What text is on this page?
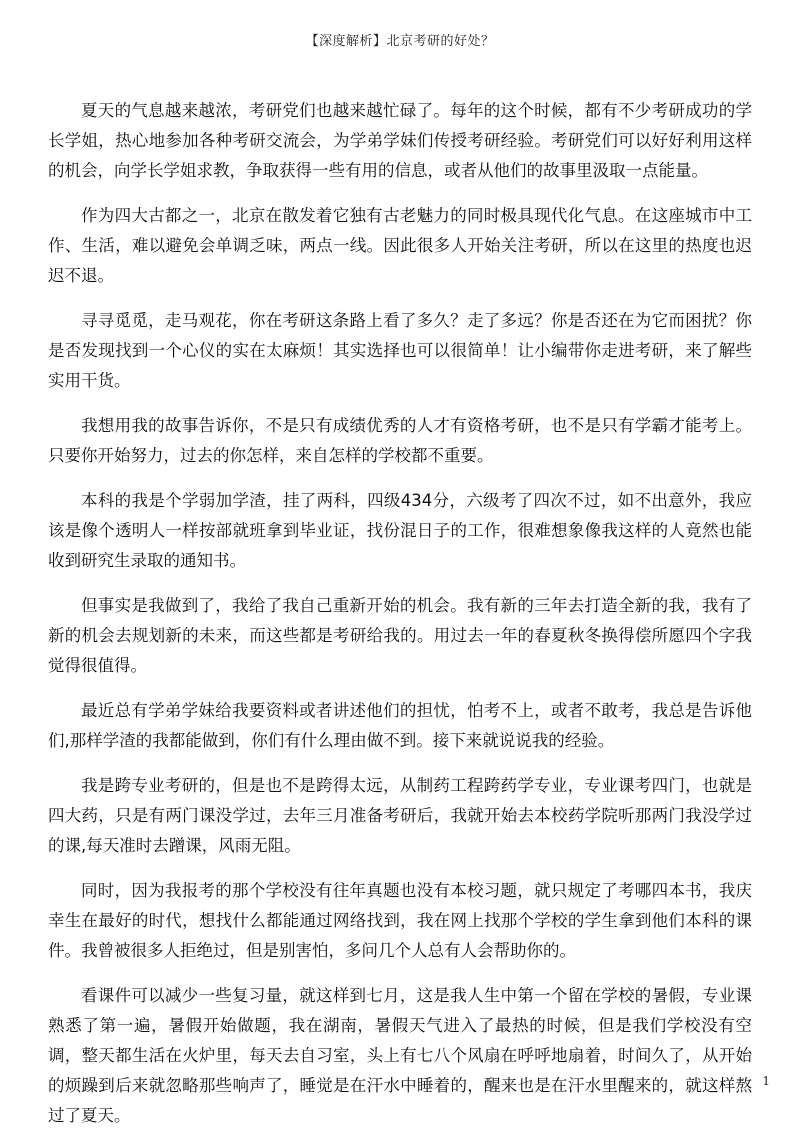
【深度解析】北京考研的好处？

夏天的气息越来越浓，考研党们也越来越忙碌了。每年的这个时候，都有不少考研成功的学长学姐，热心地参加各种考研交流会，为学弟学妹们传授考研经验。考研党们可以好好利用这样的机会，向学长学姐求教，争取获得一些有用的信息，或者从他们的故事里汲取一点能量。

作为四大古都之一，北京在散发着它独有古老魅力的同时极具现代化气息。在这座城市中工作、生活，难以避免会单调乏味，两点一线。因此很多人开始关注考研，所以在这里的热度也迟迟不退。

寻寻觅觅，走马观花，你在考研这条路上看了多久？走了多远？你是否还在为它而困扰？你是否发现找到一个心仪的实在太麻烦！其实选择也可以很简单！让小编带你走进考研，来了解些实用干货。

我想用我的故事告诉你，不是只有成绩优秀的人才有资格考研，也不是只有学霸才能考上。只要你开始努力，过去的你怎样，来自怎样的学校都不重要。

本科的我是个学弱加学渣，挂了两科，四级434分，六级考了四次不过，如不出意外，我应该是像个透明人一样按部就班拿到毕业证，找份混日子的工作，很难想象像我这样的人竟然也能收到研究生录取的通知书。

但事实是我做到了，我给了我自己重新开始的机会。我有新的三年去打造全新的我，我有了新的机会去规划新的未来，而这些都是考研给我的。用过去一年的春夏秋冬换得偿所愿四个字我觉得很值得。

最近总有学弟学妹给我要资料或者讲述他们的担忧，怕考不上，或者不敢考，我总是告诉他们,那样学渣的我都能做到，你们有什么理由做不到。接下来就说说我的经验。

我是跨专业考研的，但是也不是跨得太远，从制药工程跨药学专业，专业课考四门，也就是四大药，只是有两门课没学过，去年三月准备考研后，我就开始去本校药学院听那两门我没学过的课,每天准时去蹭课，风雨无阻。

同时，因为我报考的那个学校没有往年真题也没有本校习题，就只规定了考哪四本书，我庆幸生在最好的时代，想找什么都能通过网络找到，我在网上找那个学校的学生拿到他们本科的课件。我曾被很多人拒绝过，但是别害怕，多问几个人总有人会帮助你的。

看课件可以减少一些复习量，就这样到七月，这是我人生中第一个留在学校的暑假，专业课熟悉了第一遍，暑假开始做题，我在湖南，暑假天气进入了最热的时候，但是我们学校没有空调，整天都生活在火炉里，每天去自习室，头上有七八个风扇在呼呼地扇着，时间久了，从开始的烦躁到后来就忽略那些响声了，睡觉是在汗水中睡着的，醒来也是在汗水里醒来的，就这样熬过了夏天。

1
